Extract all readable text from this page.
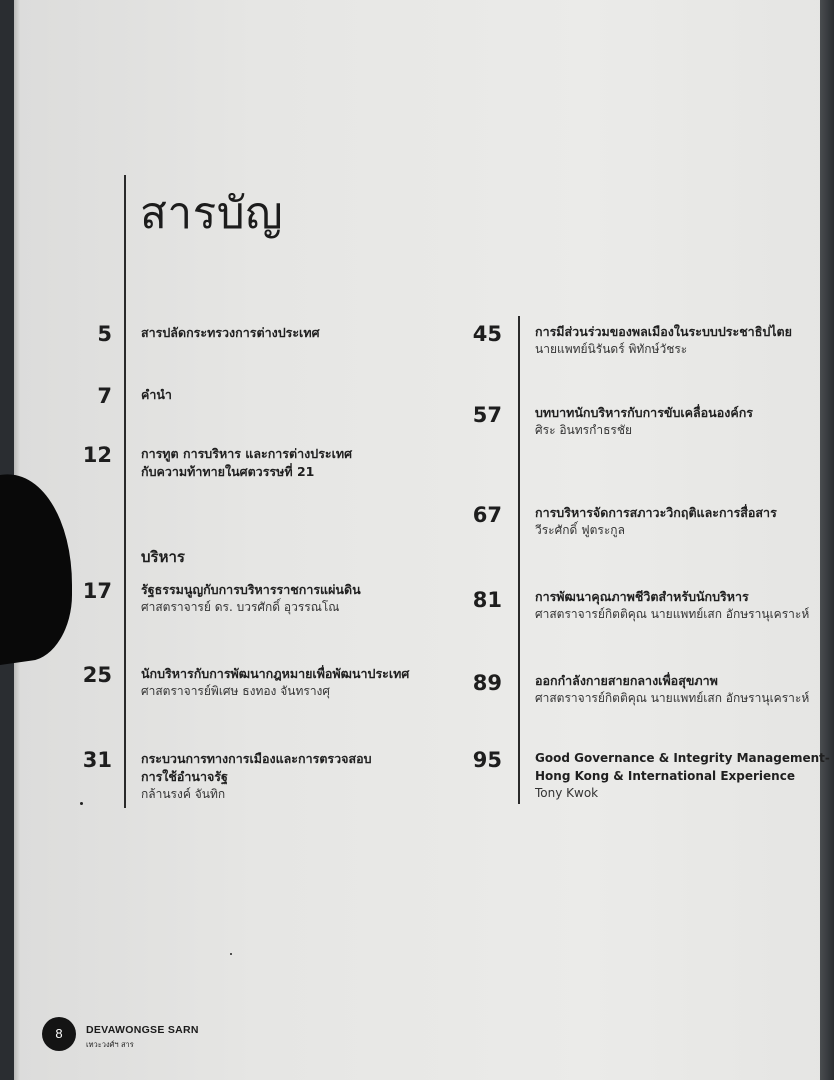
สารบัญ
5 สารปลัดกระทรวงการต่างประเทศ
7 คำนำ
12 การทูต การบริหาร และการต่างประเทศ
กับความท้าทายในศตวรรษที่ 21
บริหาร
17 รัฐธรรมนูญกับการบริหารราชการแผ่นดิน
ศาสตราจารย์ ดร. บวรศักดิ์ อุวรรณโณ
25 นักบริหารกับการพัฒนากฎหมายเพื่อพัฒนาประเทศ
ศาสตราจารย์พิเศษ ธงทอง จันทรางศุ
31 กระบวนการทางการเมืองและการตรวจสอบ
การใช้อำนาจรัฐ
กล้านรงค์ จันทิก
45	การมีส่วนร่วมของพลเมืองในระบบประชาธิปไตย
นายแพทย์นิรันดร์ พิทักษ์วัชระ
57	บทบาทนักบริหารกับการขับเคลื่อนองค์กร
ศิระ อินทรกำธรชัย
67	การบริหารจัดการสภาวะวิกฤติและการสื่อสาร
วีระศักดิ์ ฟูตระกูล
81	การพัฒนาคุณภาพชีวิตสำหรับนักบริหาร
ศาสตราจารย์กิตติคุณ นายแพทย์เสก อักษรานุเคราะห์
89	ออกกำลังกายสายกลางเพื่อสุขภาพ
ศาสตราจารย์กิตติคุณ นายแพทย์เสก อักษรานุเคราะห์
95	Good Governance & Integrity Management-
Hong Kong & International Experience
Tony Kwok
8	DEVAWONGSE SARN
เทวะวงศ์ฯ สาร
